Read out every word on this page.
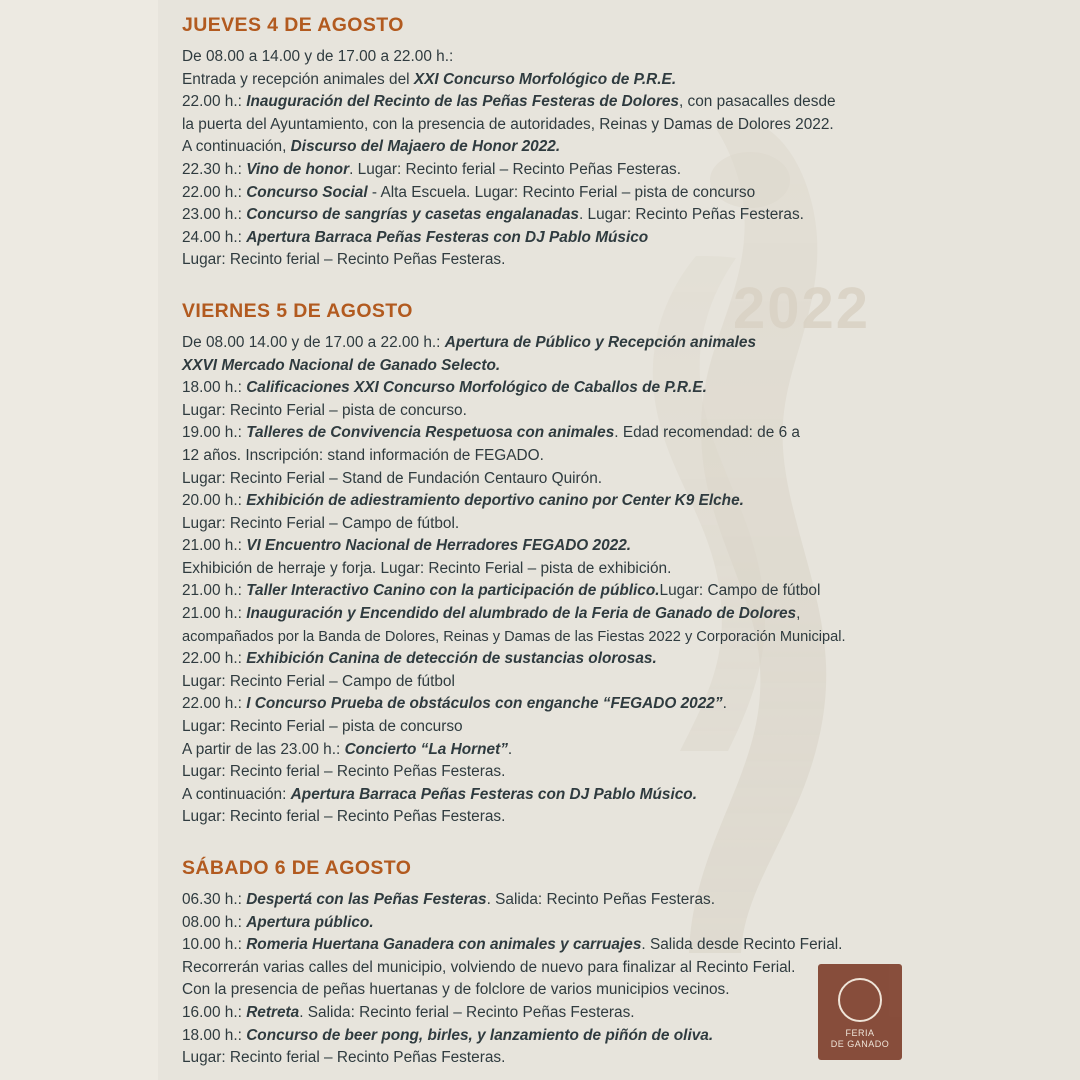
2022
FERIA
DE GANADO
JUEVES 4 DE AGOSTO

De 08.00 a 14.00 y de 17.00 a 22.00 h.:

Entrada y recepción animales del XXI Concurso Morfológico de P.R.E.

22.00 h.: Inauguración del Recinto de las Peñas Festeras de Dolores, con pasacalles desde

la puerta del Ayuntamiento, con la presencia de autoridades, Reinas y Damas de Dolores 2022.

A continuación, Discurso del Majaero de Honor 2022.

22.30 h.: Vino de honor. Lugar: Recinto ferial – Recinto Peñas Festeras.

22.00 h.: Concurso Social - Alta Escuela. Lugar: Recinto Ferial – pista de concurso

23.00 h.: Concurso de sangrías y casetas engalanadas. Lugar: Recinto Peñas Festeras.

24.00 h.: Apertura Barraca Peñas Festeras con DJ Pablo Músico

Lugar: Recinto ferial – Recinto Peñas Festeras.

VIERNES 5 DE AGOSTO

De 08.00 14.00 y de 17.00 a 22.00 h.: Apertura de Público y Recepción animales

XXVI Mercado Nacional de Ganado Selecto.

18.00 h.: Calificaciones XXI Concurso Morfológico de Caballos de P.R.E.

Lugar: Recinto Ferial – pista de concurso.

19.00 h.: Talleres de Convivencia Respetuosa con animales. Edad recomendad: de 6 a

12 años. Inscripción: stand información de FEGADO.

Lugar: Recinto Ferial – Stand de Fundación Centauro Quirón.

20.00 h.: Exhibición de adiestramiento deportivo canino por Center K9 Elche.

Lugar: Recinto Ferial – Campo de fútbol.

21.00 h.: VI Encuentro Nacional de Herradores FEGADO 2022.

Exhibición de herraje y forja. Lugar: Recinto Ferial – pista de exhibición.

21.00 h.: Taller Interactivo Canino con la participación de público.Lugar: Campo de fútbol

21.00 h.: Inauguración y Encendido del alumbrado de la Feria de Ganado de Dolores,

acompañados por la Banda de Dolores, Reinas y Damas de las Fiestas 2022 y Corporación Municipal.

22.00 h.: Exhibición Canina de detección de sustancias olorosas.

Lugar: Recinto Ferial – Campo de fútbol

22.00 h.: I Concurso Prueba de obstáculos con enganche “FEGADO 2022”.

Lugar: Recinto Ferial – pista de concurso

A partir de las 23.00 h.: Concierto “La Hornet”.

Lugar: Recinto ferial – Recinto Peñas Festeras.

A continuación: Apertura Barraca Peñas Festeras con DJ Pablo Músico.

Lugar: Recinto ferial – Recinto Peñas Festeras.

SÁBADO 6 DE AGOSTO

06.30 h.: Despertá con las Peñas Festeras. Salida: Recinto Peñas Festeras.

08.00 h.: Apertura público.

10.00 h.: Romeria Huertana Ganadera con animales y carruajes. Salida desde Recinto Ferial.

Recorrerán varias calles del municipio, volviendo de nuevo para finalizar al Recinto Ferial.

Con la presencia de peñas huertanas y de folclore de varios municipios vecinos.

16.00 h.: Retreta. Salida: Recinto ferial – Recinto Peñas Festeras.

18.00 h.: Concurso de beer pong, birles, y lanzamiento de piñón de oliva.

Lugar: Recinto ferial – Recinto Peñas Festeras.
